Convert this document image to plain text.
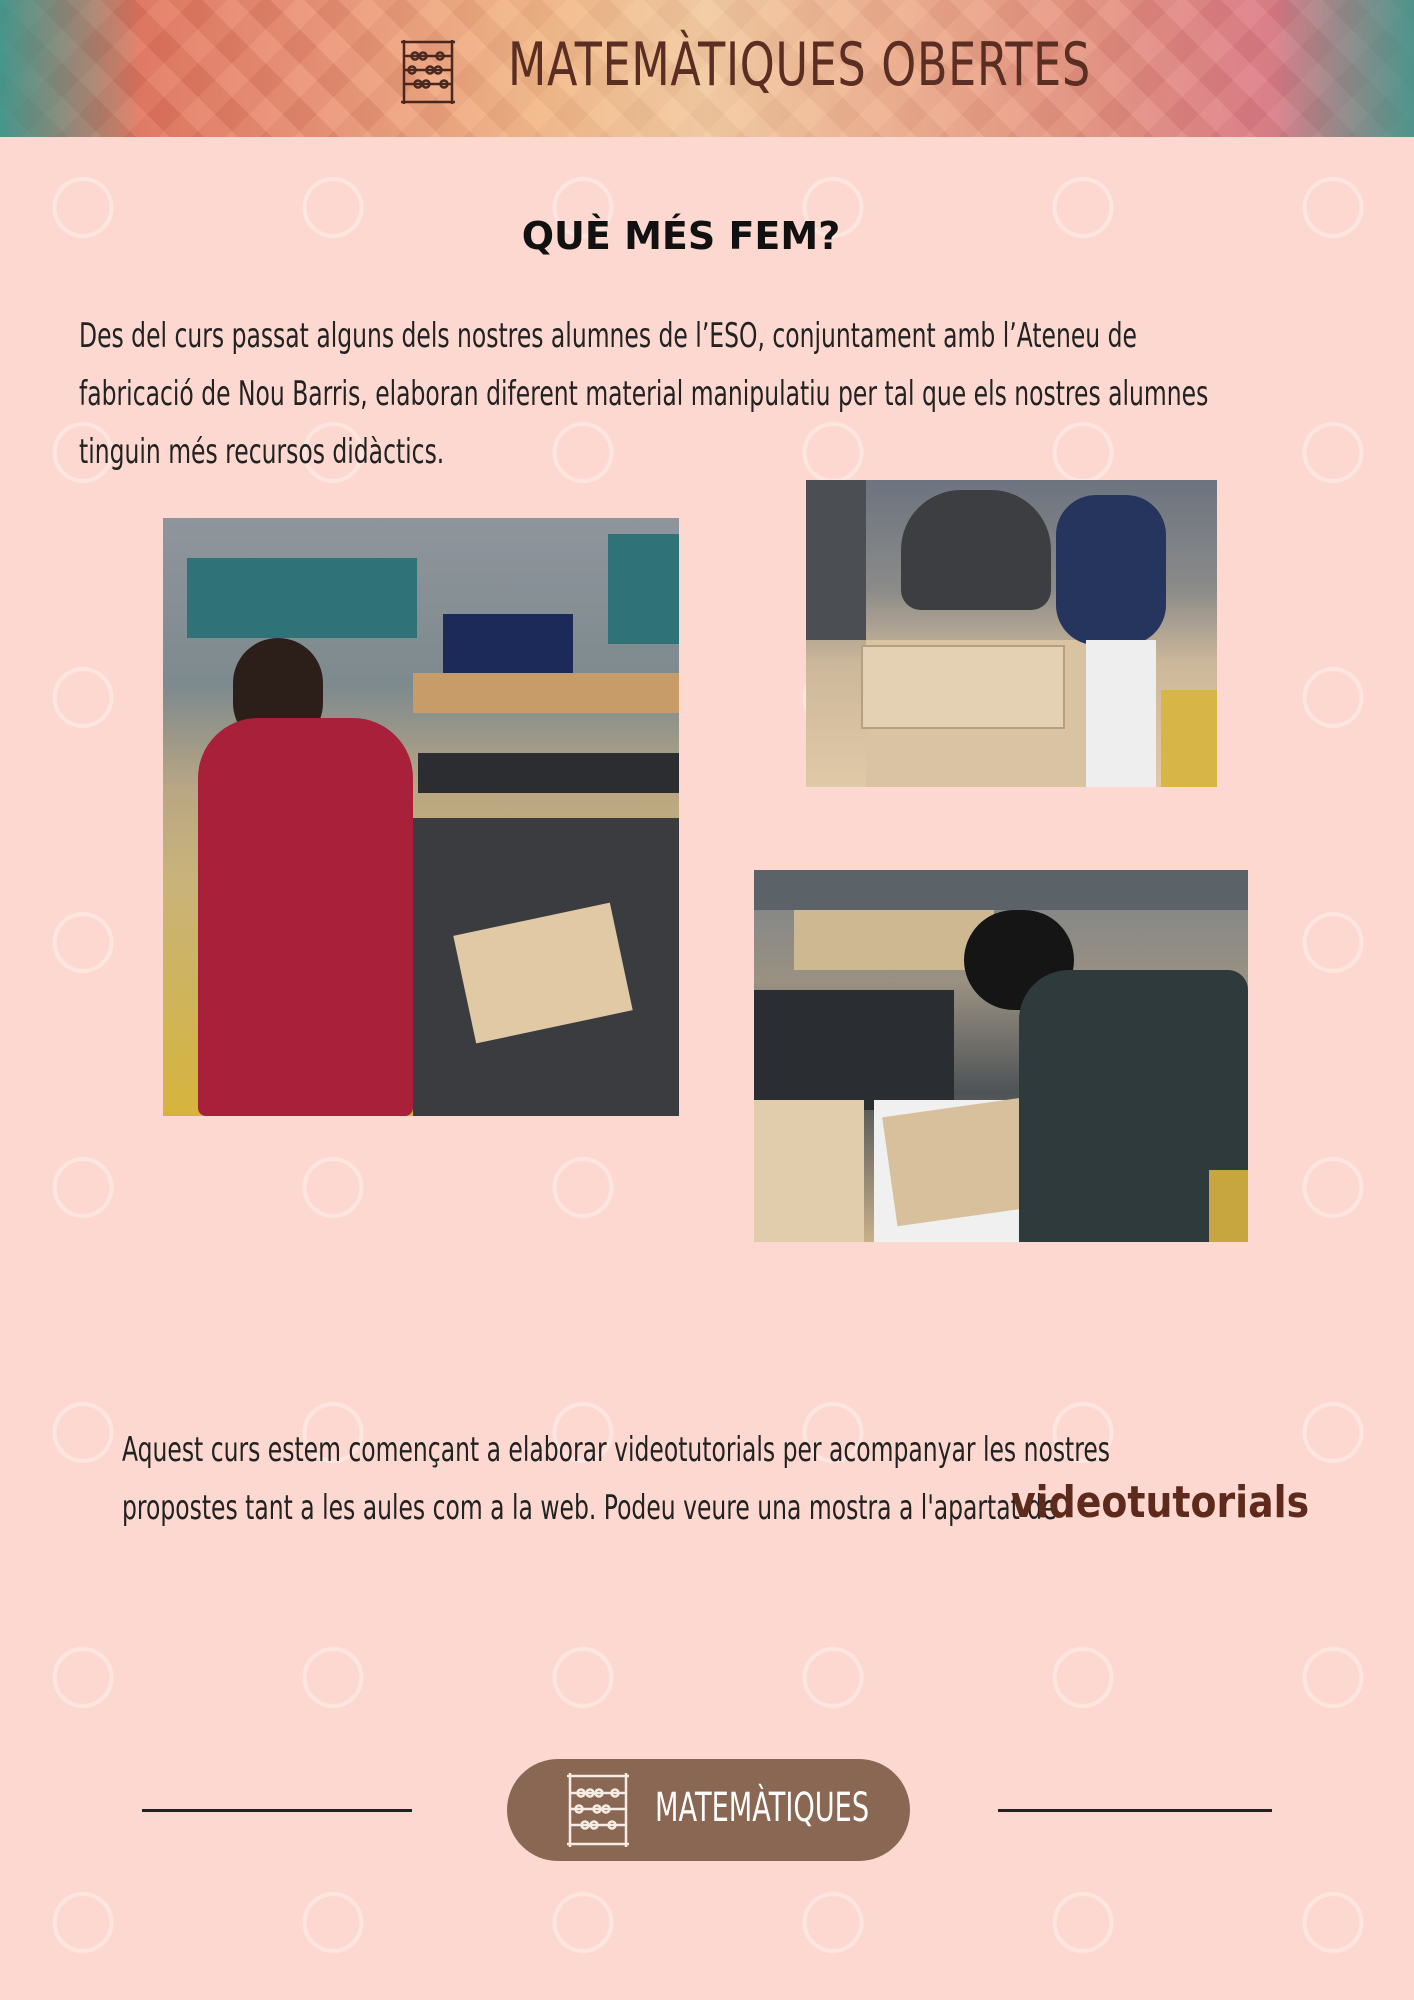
MATEMÀTIQUES OBERTES
QUÈ MÉS FEM?

Des del curs passat alguns dels nostres alumnes de l’ESO, conjuntament amb l’Ateneu de fabricació de Nou Barris, elaboran diferent material manipulatiu per tal que els nostres alumnes tinguin més recursos didàctics.

Aquest curs estem començant a elaborar videotutorials per acompanyar les nostres propostes tant a les aules com a la web. Podeu veure una mostra a l'apartat de

videotutorials
MATEMÀTIQUES
